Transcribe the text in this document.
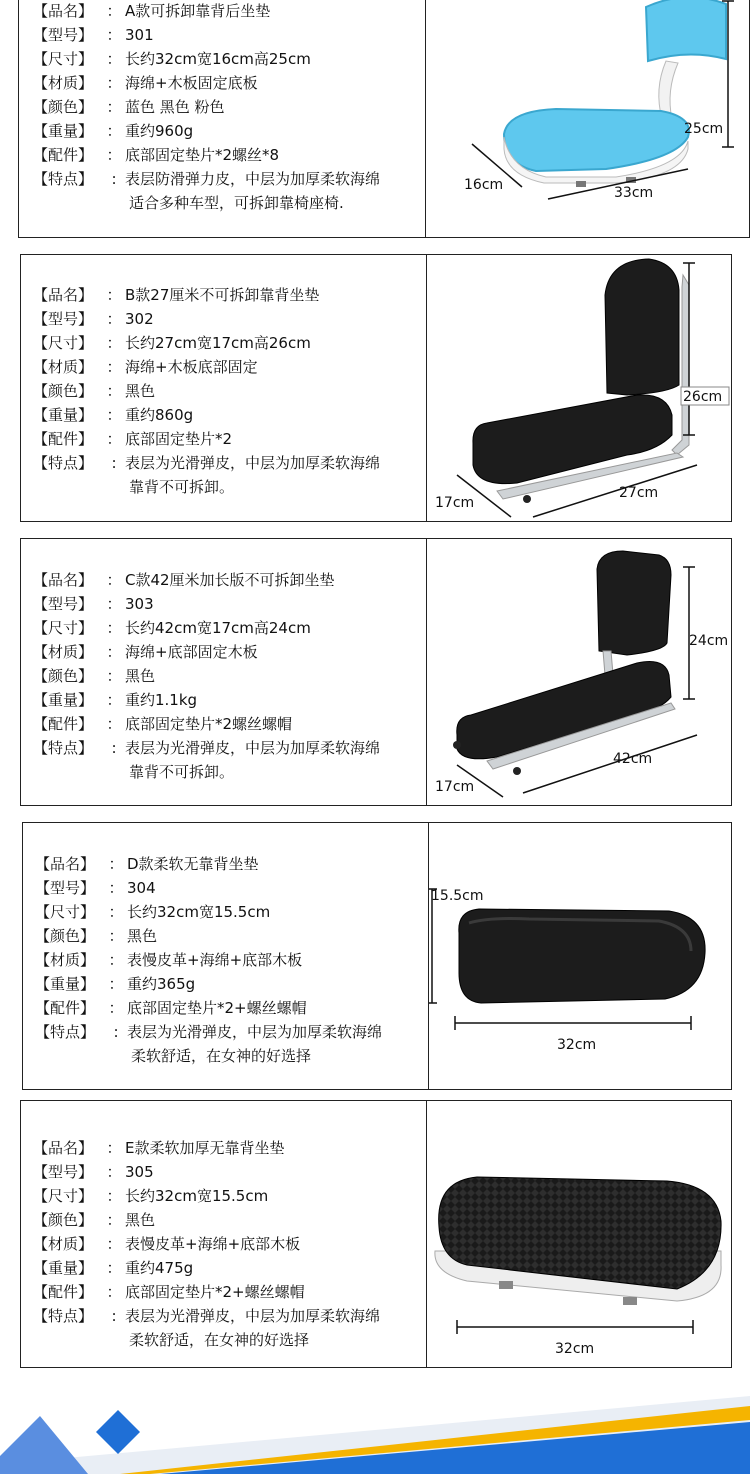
【品名】 ： A款可拆卸靠背后坐垫
【型号】 ： 301
【尺寸】 ： 长约32cm宽16cm高25cm
【材质】 ： 海绵+木板固定底板
【颜色】 ： 蓝色 黑色 粉色
【重量】 ： 重约960g
【配件】 ： 底部固定垫片*2螺丝*8
【特点】	: 表层防滑弹力皮，中层为加厚柔软海绵
适合多种车型，可拆卸靠椅座椅.
25cm
16cm	33cm
【品名】 ： B款27厘米不可拆卸靠背坐垫
【型号】 ： 302
【尺寸】 ： 长约27cm宽17cm高26cm
【材质】 ： 海绵+木板底部固定
【颜色】 ： 黑色
【重量】 ： 重约860g
【配件】 ： 底部固定垫片*2
【特点】	: 表层为光滑弹皮，中层为加厚柔软海绵
靠背不可拆卸。
26cm
17cm
27cm
【品名】 ： C款42厘米加长版不可拆卸坐垫
【型号】 ： 303
【尺寸】 ： 长约42cm宽17cm高24cm
【材质】 ： 海绵+底部固定木板
【颜色】 ： 黑色
【重量】 ： 重约1.1kg
【配件】 ： 底部固定垫片*2螺丝螺帽
【特点】	: 表层为光滑弹皮，中层为加厚柔软海绵
靠背不可拆卸。
24cm
17cm
42cm
【品名】 ： D款柔软无靠背坐垫
【型号】 ： 304
【尺寸】 ： 长约32cm宽15.5cm
【颜色】 ： 黑色
【材质】 ： 表慢皮革+海绵+底部木板
【重量】 ： 重约365g
【配件】 ： 底部固定垫片*2+螺丝螺帽
【特点】	: 表层为光滑弹皮，中层为加厚柔软海绵
柔软舒适，在女神的好选择
15.5cm
32cm
【品名】 ： E款柔软加厚无靠背坐垫
【型号】 ： 305
【尺寸】 ： 长约32cm宽15.5cm
【颜色】 ： 黑色
【材质】 ： 表慢皮革+海绵+底部木板
【重量】 ： 重约475g
【配件】 ： 底部固定垫片*2+螺丝螺帽
【特点】	: 表层为光滑弹皮，中层为加厚柔软海绵
柔软舒适，在女神的好选择	32cm
